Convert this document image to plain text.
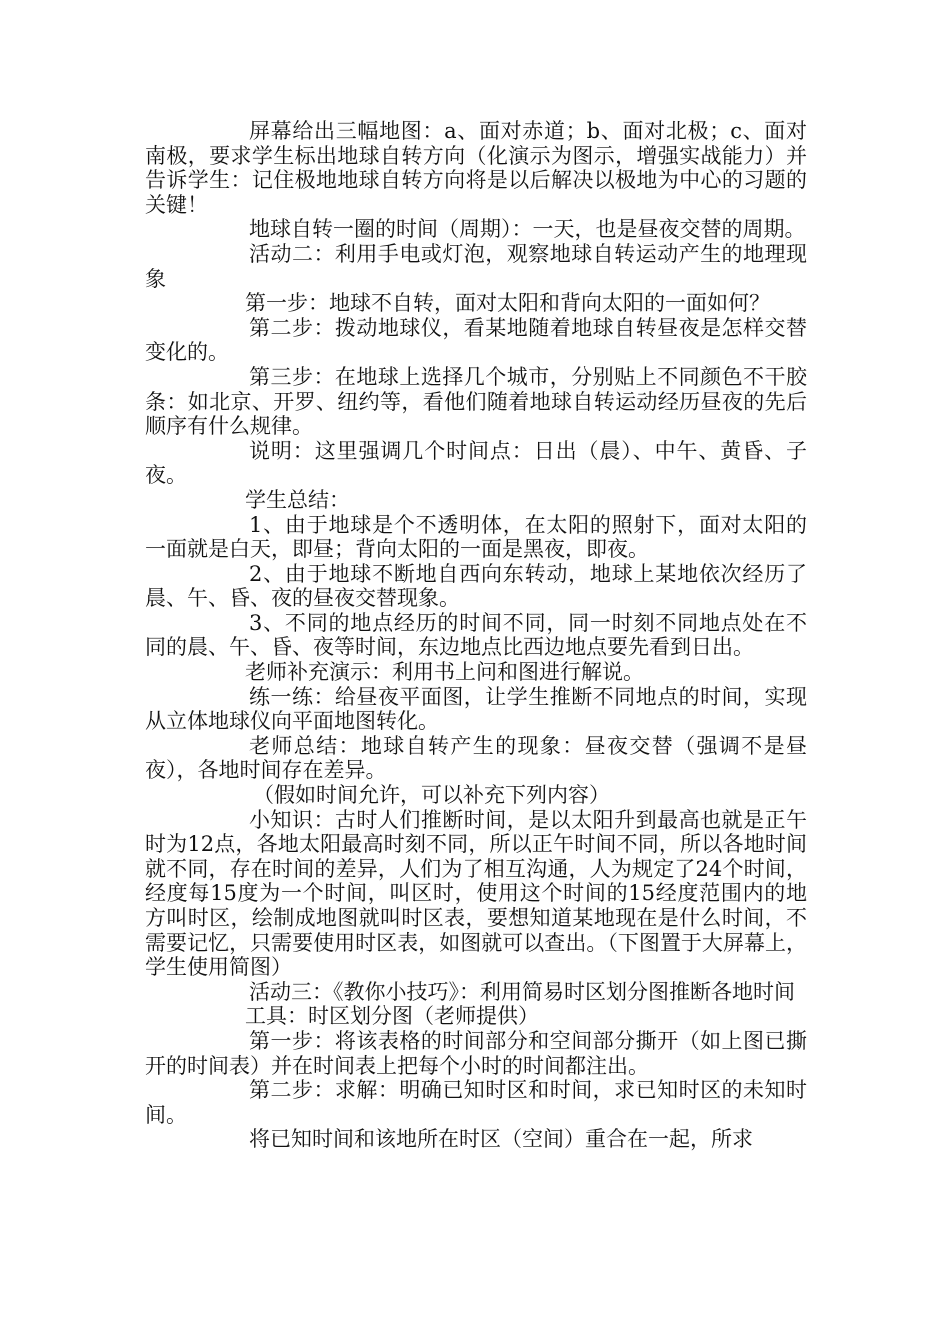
屏幕给出三幅地图：a、面对赤道；b、面对北极；c、面对南极，要求学生标出地球自转方向（化演示为图示，增强实战能力）并告诉学生：记住极地地球自转方向将是以后解决以极地为中心的习题的关键！

地球自转一圈的时间（周期）：一天，也是昼夜交替的周期。

活动二：利用手电或灯泡，观察地球自转运动产生的地理现象

第一步：地球不自转，面对太阳和背向太阳的一面如何？

第二步：拨动地球仪，看某地随着地球自转昼夜是怎样交替变化的。

第三步：在地球上选择几个城市，分别贴上不同颜色不干胶条：如北京、开罗、纽约等，看他们随着地球自转运动经历昼夜的先后顺序有什么规律。

说明：这里强调几个时间点：日出（晨）、中午、黄昏、子夜。

学生总结：

1、由于地球是个不透明体，在太阳的照射下，面对太阳的一面就是白天，即昼；背向太阳的一面是黑夜，即夜。

2、由于地球不断地自西向东转动，地球上某地依次经历了晨、午、昏、夜的昼夜交替现象。

3、不同的地点经历的时间不同，同一时刻不同地点处在不同的晨、午、昏、夜等时间，东边地点比西边地点要先看到日出。

老师补充演示：利用书上问和图进行解说。

练一练：给昼夜平面图，让学生推断不同地点的时间，实现从立体地球仪向平面地图转化。

老师总结：地球自转产生的现象：昼夜交替（强调不是昼夜），各地时间存在差异。

（假如时间允许，可以补充下列内容）

小知识：古时人们推断时间，是以太阳升到最高也就是正午时为12点，各地太阳最高时刻不同，所以正午时间不同，所以各地时间就不同，存在时间的差异，人们为了相互沟通，人为规定了24个时间，经度每15度为一个时间，叫区时，使用这个时间的15经度范围内的地方叫时区，绘制成地图就叫时区表，要想知道某地现在是什么时间，不需要记忆，只需要使用时区表，如图就可以查出。（下图置于大屏幕上，学生使用简图）

活动三：《教你小技巧》：利用简易时区划分图推断各地时间

工具：时区划分图（老师提供）

第一步：将该表格的时间部分和空间部分撕开（如上图已撕开的时间表）并在时间表上把每个小时的时间都注出。

第二步：求解：明确已知时区和时间，求已知时区的未知时间。

将已知时间和该地所在时区（空间）重合在一起，所求
